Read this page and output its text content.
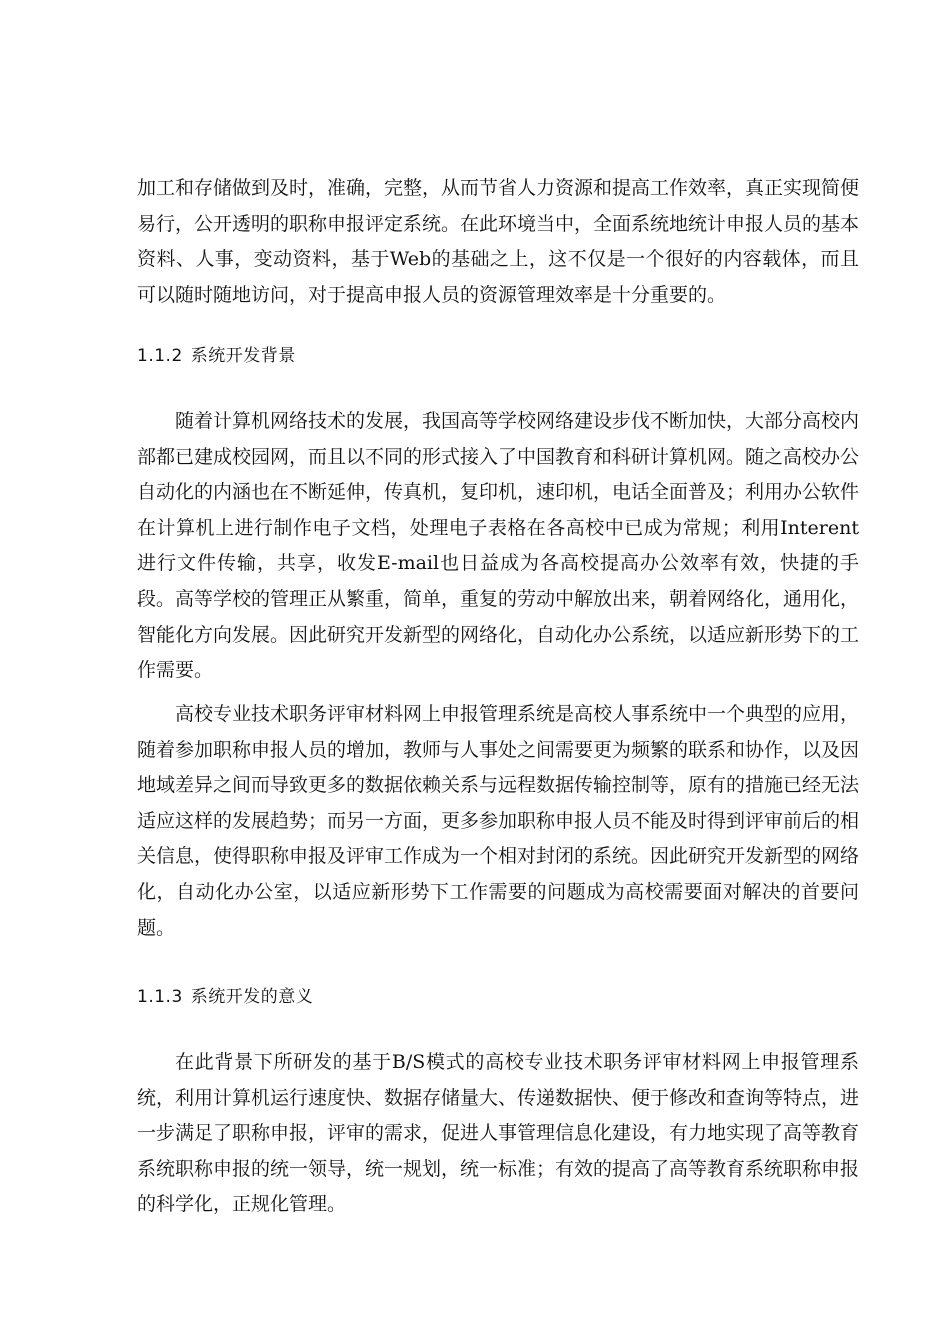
加工和存储做到及时，准确，完整，从而节省人力资源和提高工作效率，真正实现简便易行，公开透明的职称申报评定系统。在此环境当中，全面系统地统计申报人员的基本资料、人事，变动资料，基于Web的基础之上，这不仅是一个很好的内容载体，而且可以随时随地访问，对于提高申报人员的资源管理效率是十分重要的。

1.1.2 系统开发背景

随着计算机网络技术的发展，我国高等学校网络建设步伐不断加快，大部分高校内部都已建成校园网，而且以不同的形式接入了中国教育和科研计算机网。随之高校办公自动化的内涵也在不断延伸，传真机，复印机，速印机，电话全面普及；利用办公软件在计算机上进行制作电子文档，处理电子表格在各高校中已成为常规；利用Interent进行文件传输，共享，收发E-mail也日益成为各高校提高办公效率有效，快捷的手段。高等学校的管理正从繁重，简单，重复的劳动中解放出来，朝着网络化，通用化，智能化方向发展。因此研究开发新型的网络化，自动化办公系统，以适应新形势下的工作需要。

高校专业技术职务评审材料网上申报管理系统是高校人事系统中一个典型的应用，随着参加职称申报人员的增加，教师与人事处之间需要更为频繁的联系和协作，以及因地域差异之间而导致更多的数据依赖关系与远程数据传输控制等，原有的措施已经无法适应这样的发展趋势；而另一方面，更多参加职称申报人员不能及时得到评审前后的相关信息，使得职称申报及评审工作成为一个相对封闭的系统。因此研究开发新型的网络化，自动化办公室，以适应新形势下工作需要的问题成为高校需要面对解决的首要问题。

1.1.3 系统开发的意义

在此背景下所研发的基于B/S模式的高校专业技术职务评审材料网上申报管理系统，利用计算机运行速度快、数据存储量大、传递数据快、便于修改和查询等特点，进一步满足了职称申报，评审的需求，促进人事管理信息化建设，有力地实现了高等教育系统职称申报的统一领导，统一规划，统一标准；有效的提高了高等教育系统职称申报的科学化，正规化管理。
